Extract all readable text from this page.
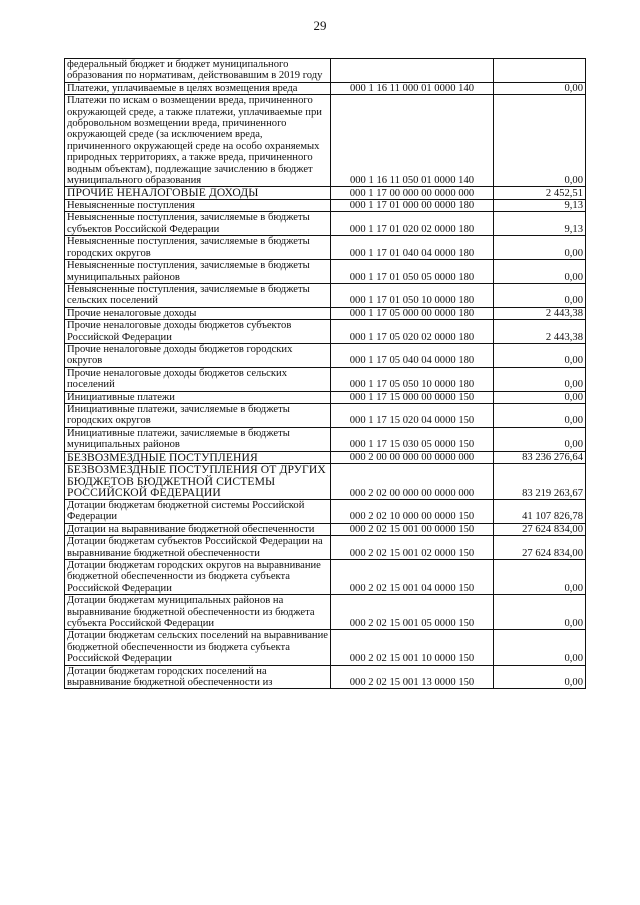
29
федеральный бюджет и бюджет муниципального образования по нормативам, действовавшим в 2019 году		
Платежи, уплачиваемые в целях возмещения вреда	000 1 16 11 000 01 0000 140	0,00
Платежи по искам о возмещении вреда, причиненного окружающей среде, а также платежи, уплачиваемые при добровольном возмещении вреда, причиненного окружающей среде (за исключением вреда, причиненного окружающей среде на особо охраняемых природных территориях, а также вреда, причиненного водным объектам), подлежащие зачислению в бюджет муниципального образования	000 1 16 11 050 01 0000 140	0,00
ПРОЧИЕ НЕНАЛОГОВЫЕ ДОХОДЫ	000 1 17 00 000 00 0000 000	2 452,51
Невыясненные поступления	000 1 17 01 000 00 0000 180	9,13
Невыясненные поступления, зачисляемые в бюджеты субъектов Российской Федерации	000 1 17 01 020 02 0000 180	9,13
Невыясненные поступления, зачисляемые в бюджеты городских округов	000 1 17 01 040 04 0000 180	0,00
Невыясненные поступления, зачисляемые в бюджеты муниципальных районов	000 1 17 01 050 05 0000 180	0,00
Невыясненные поступления, зачисляемые в бюджеты сельских поселений	000 1 17 01 050 10 0000 180	0,00
Прочие неналоговые доходы	000 1 17 05 000 00 0000 180	2 443,38
Прочие неналоговые доходы бюджетов субъектов Российской Федерации	000 1 17 05 020 02 0000 180	2 443,38
Прочие неналоговые доходы бюджетов городских округов	000 1 17 05 040 04 0000 180	0,00
Прочие неналоговые доходы бюджетов сельских поселений	000 1 17 05 050 10 0000 180	0,00
Инициативные платежи	000 1 17 15 000 00 0000 150	0,00
Инициативные платежи, зачисляемые в бюджеты городских округов	000 1 17 15 020 04 0000 150	0,00
Инициативные платежи, зачисляемые в бюджеты муниципальных районов	000 1 17 15 030 05 0000 150	0,00
БЕЗВОЗМЕЗДНЫЕ ПОСТУПЛЕНИЯ	000 2 00 00 000 00 0000 000	83 236 276,64
БЕЗВОЗМЕЗДНЫЕ ПОСТУПЛЕНИЯ ОТ ДРУГИХ БЮДЖЕТОВ БЮДЖЕТНОЙ СИСТЕМЫ РОССИЙСКОЙ ФЕДЕРАЦИИ	000 2 02 00 000 00 0000 000	83 219 263,67
Дотации бюджетам бюджетной системы Российской Федерации	000 2 02 10 000 00 0000 150	41 107 826,78
Дотации на выравнивание бюджетной обеспеченности	000 2 02 15 001 00 0000 150	27 624 834,00
Дотации бюджетам субъектов Российской Федерации на выравнивание бюджетной обеспеченности	000 2 02 15 001 02 0000 150	27 624 834,00
Дотации бюджетам городских округов на выравнивание бюджетной обеспеченности из бюджета субъекта Российской Федерации	000 2 02 15 001 04 0000 150	0,00
Дотации бюджетам муниципальных районов на выравнивание бюджетной обеспеченности из бюджета субъекта Российской Федерации	000 2 02 15 001 05 0000 150	0,00
Дотации бюджетам сельских поселений на выравнивание бюджетной обеспеченности из бюджета субъекта Российской Федерации	000 2 02 15 001 10 0000 150	0,00
Дотации бюджетам городских поселений на выравнивание бюджетной обеспеченности из	000 2 02 15 001 13 0000 150	0,00
